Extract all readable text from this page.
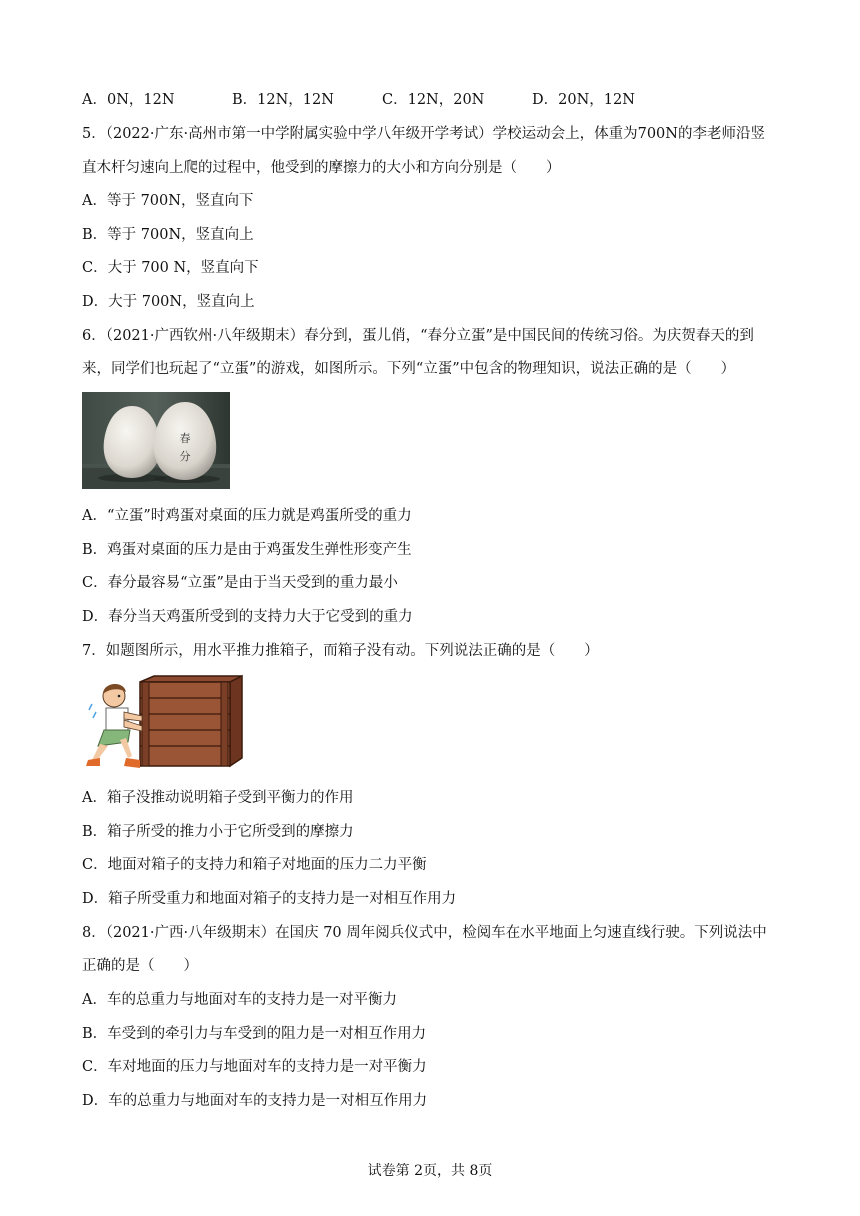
A．0N，12N	B．12N，12N	C．12N，20N	D．20N，12N
5．（2022·广东·高州市第一中学附属实验中学八年级开学考试）学校运动会上，体重为700N的李老师沿竖
直木杆匀速向上爬的过程中，他受到的摩擦力的大小和方向分别是（　　）
A．等于 700N，竖直向下
B．等于 700N，竖直向上
C．大于 700 N，竖直向下
D．大于 700N，竖直向上
6．（2021·广西钦州·八年级期末）春分到，蛋儿俏，“春分立蛋”是中国民间的传统习俗。为庆贺春天的到
来，同学们也玩起了“立蛋”的游戏，如图所示。下列“立蛋”中包含的物理知识，说法正确的是（　　）
春
分
A．“立蛋”时鸡蛋对桌面的压力就是鸡蛋所受的重力
B．鸡蛋对桌面的压力是由于鸡蛋发生弹性形变产生
C．春分最容易“立蛋”是由于当天受到的重力最小
D．春分当天鸡蛋所受到的支持力大于它受到的重力
7．如题图所示，用水平推力推箱子，而箱子没有动。下列说法正确的是（　　）
A．箱子没推动说明箱子受到平衡力的作用
B．箱子所受的推力小于它所受到的摩擦力
C．地面对箱子的支持力和箱子对地面的压力二力平衡
D．箱子所受重力和地面对箱子的支持力是一对相互作用力
8．（2021·广西·八年级期末）在国庆 70 周年阅兵仪式中，检阅车在水平地面上匀速直线行驶。下列说法中
正确的是（　　）
A．车的总重力与地面对车的支持力是一对平衡力
B．车受到的牵引力与车受到的阻力是一对相互作用力
C．车对地面的压力与地面对车的支持力是一对平衡力
D．车的总重力与地面对车的支持力是一对相互作用力
试卷第 2页，共 8页
